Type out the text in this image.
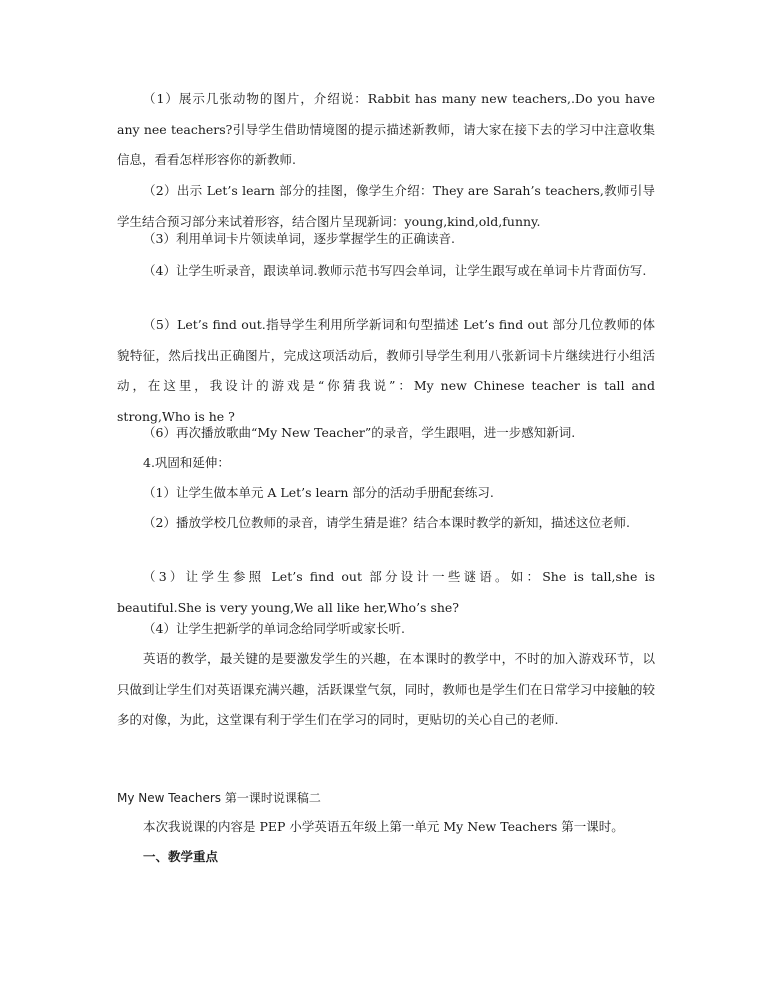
（1）展示几张动物的图片，介绍说：Rabbit has many new teachers,.Do you have any nee teachers?引导学生借助情境图的提示描述新教师，请大家在接下去的学习中注意收集信息，看看怎样形容你的新教师.

（2）出示 Let’s learn 部分的挂图，像学生介绍：They are Sarah’s teachers,教师引导学生结合预习部分来试着形容，结合图片呈现新词：young,kind,old,funny.

（3）利用单词卡片领读单词，逐步掌握学生的正确读音.

（4）让学生听录音，跟读单词.教师示范书写四会单词，让学生跟写或在单词卡片背面仿写.

（5）Let’s find out.指导学生利用所学新词和句型描述 Let’s find out 部分几位教师的体貌特征，然后找出正确图片，完成这项活动后，教师引导学生利用八张新词卡片继续进行小组活动，在这里，我设计的游戏是“你猜我说”：My new Chinese teacher is tall and strong,Who is he ?

（6）再次播放歌曲“My New Teacher”的录音，学生跟唱，进一步感知新词.

4.巩固和延伸：

（1）让学生做本单元 A Let’s learn 部分的活动手册配套练习.

（2）播放学校几位教师的录音，请学生猜是谁？结合本课时教学的新知，描述这位老师.

（3）让学生参照 Let’s find out 部分设计一些谜语。如：She is tall,she is beautiful.She is very young,We all like her,Who’s she?

（4）让学生把新学的单词念给同学听或家长听.

英语的教学，最关键的是要激发学生的兴趣，在本课时的教学中，不时的加入游戏环节，以只做到让学生们对英语课充满兴趣，活跃课堂气氛，同时，教师也是学生们在日常学习中接触的较多的对像，为此，这堂课有利于学生们在学习的同时，更贴切的关心自己的老师.

My New Teachers 第一课时说课稿二

本次我说课的内容是 PEP 小学英语五年级上第一单元 My New Teachers 第一课时。

一、教学重点
